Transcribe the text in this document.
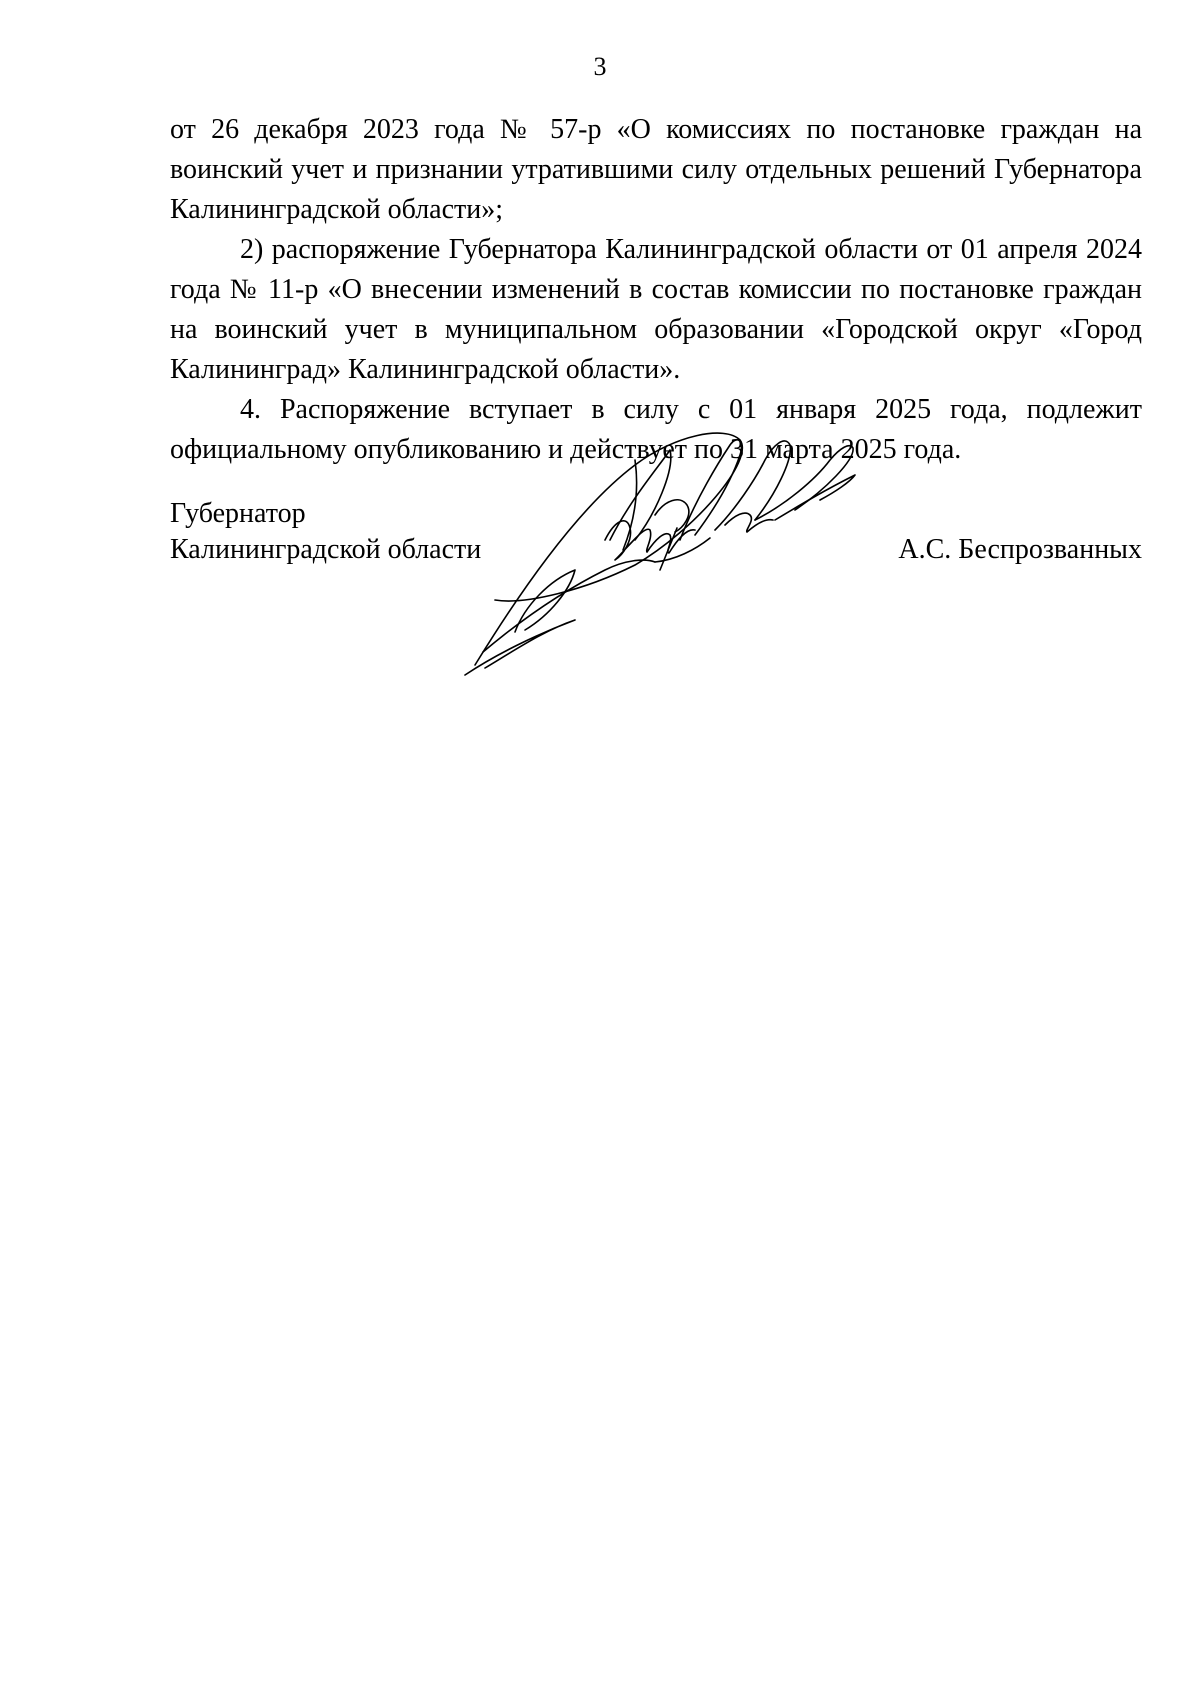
3

от 26 декабря 2023 года № 57-р «О комиссиях по постановке граждан на воинский учет и признании утратившими силу отдельных решений Губернатора Калининградской области»;

2) распоряжение Губернатора Калининградской области от 01 апреля 2024 года № 11-р «О внесении изменений в состав комиссии по постановке граждан на воинский учет в муниципальном образовании «Городской округ «Город Калининград» Калининградской области».

4. Распоряжение вступает в силу с 01 января 2025 года, подлежит официальному опубликованию и действует по 31 марта 2025 года.

Губернатор
Калининградской области	А.С. Беспрозванных
